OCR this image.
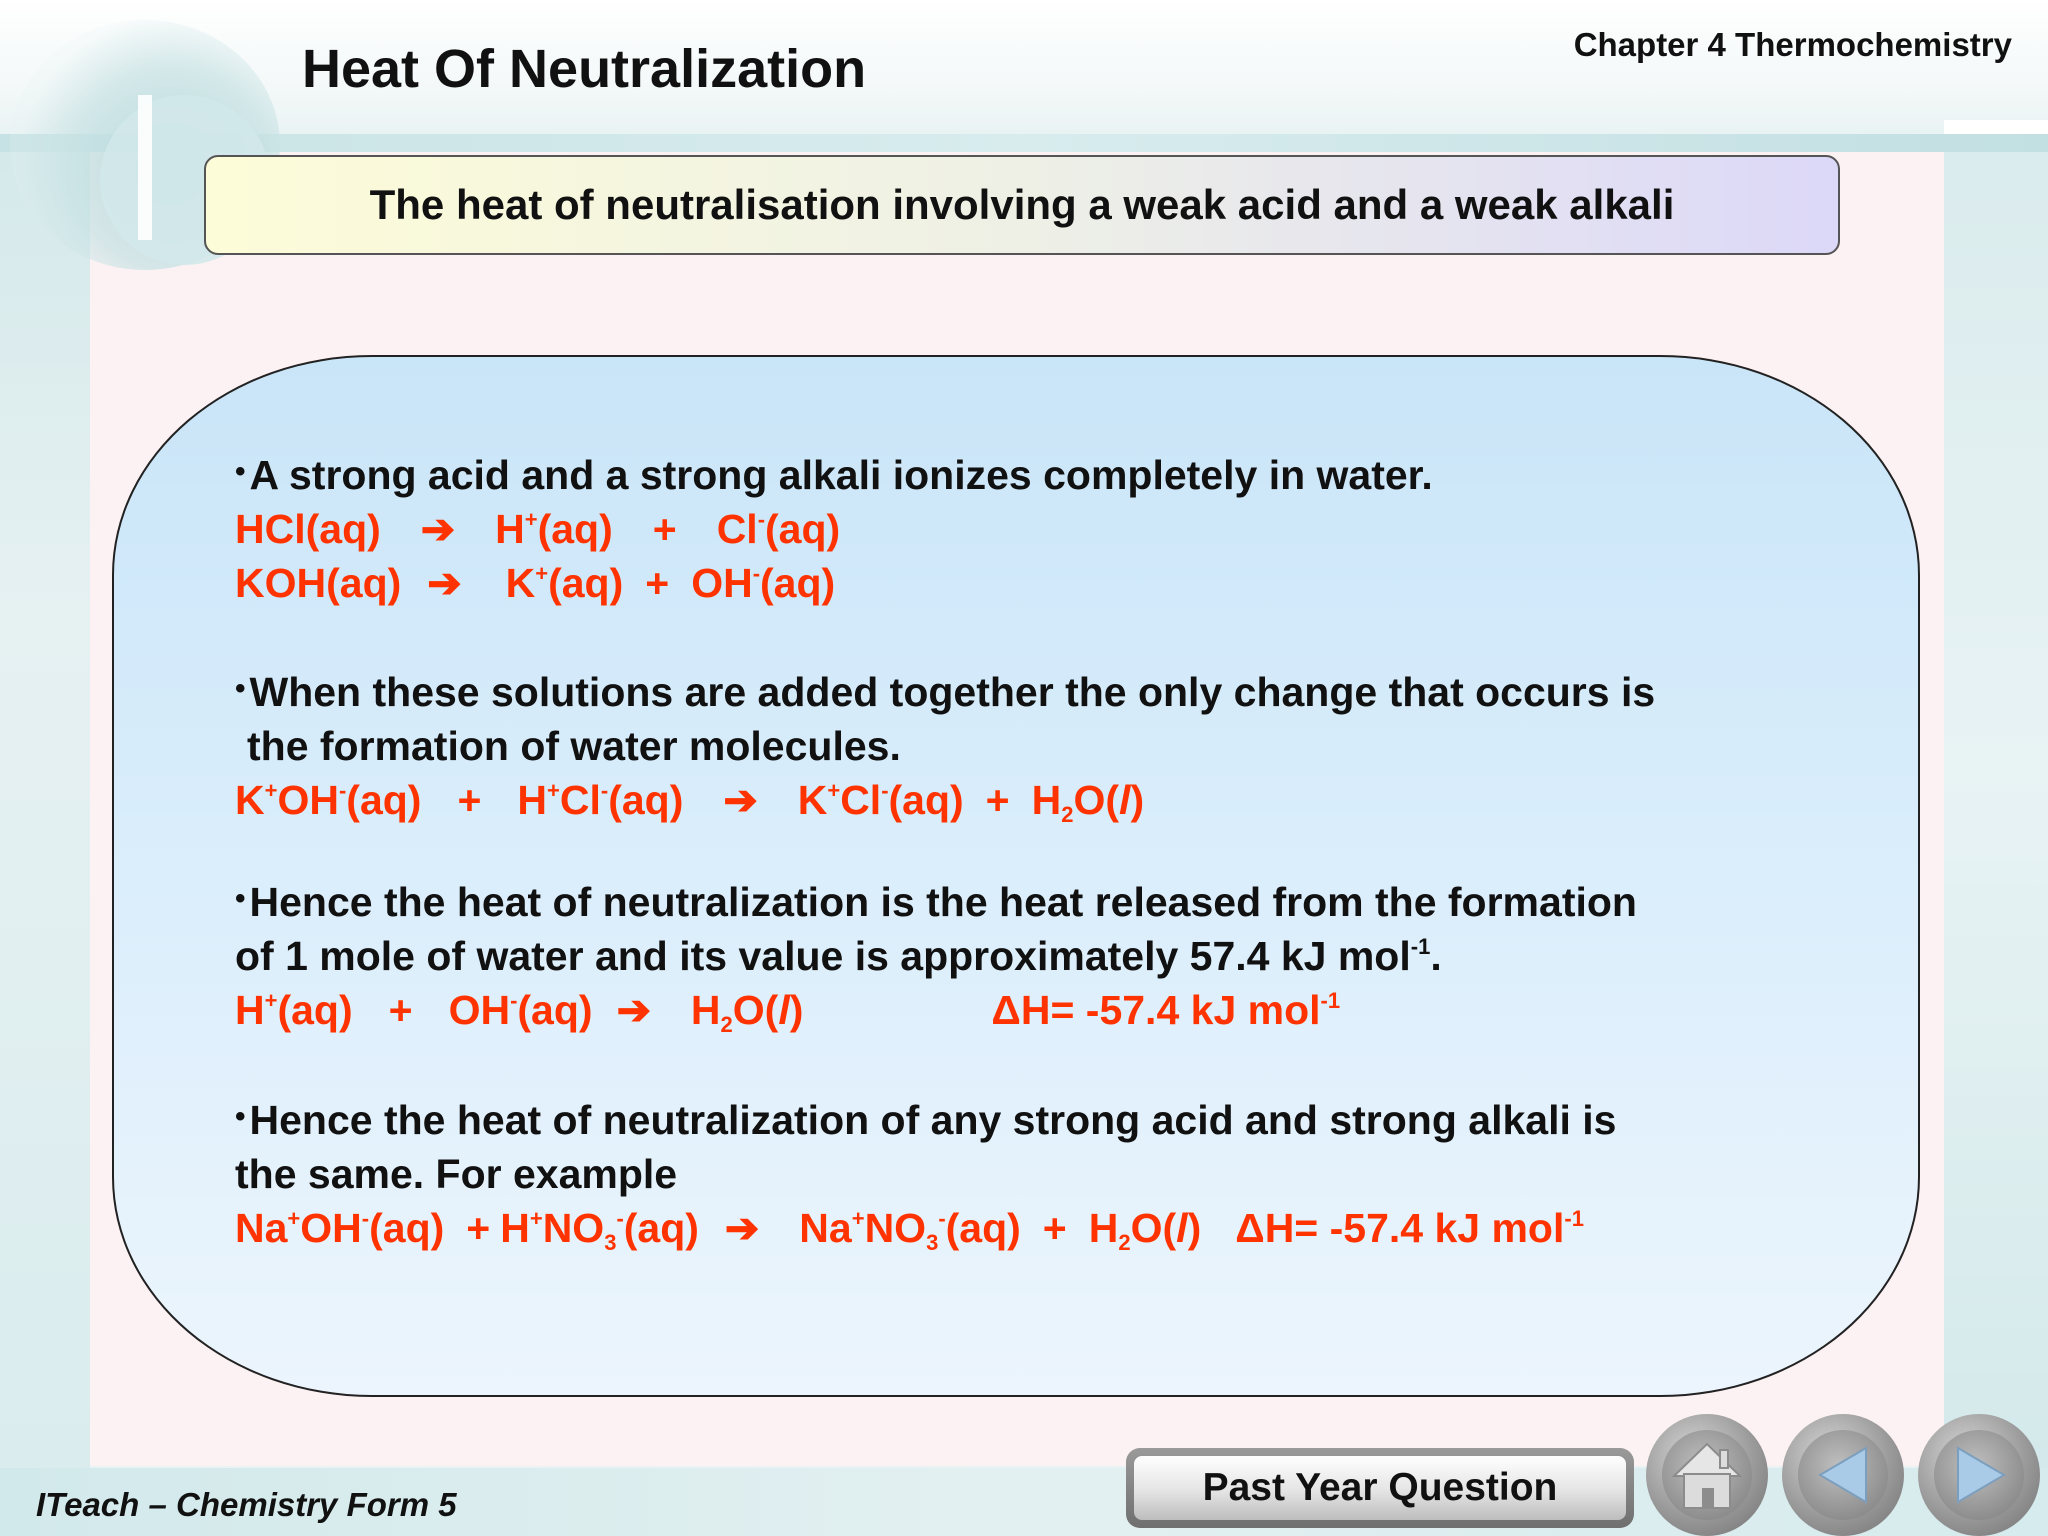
Heat Of Neutralization	Chapter 4 Thermochemistry
The heat of neutralisation involving a weak acid and a weak alkali
•A strong acid and a strong alkali ionizes completely in water.
HCl(aq) ➔ H+(aq) + Cl-(aq)
KOH(aq) ➔ K+(aq) + OH-(aq)
•When these solutions are added together the only change that occurs is
the formation of water molecules.
K+OH-(aq) + H+Cl-(aq) ➔ $K^+Cl^-(aq) + H_2O(l)$
•Hence the heat of neutralization is the heat released from the formation
of 1 mole of water and its value is approximately 57.4 kJ mol$^{-1}$.
H+(aq) + OH-(aq) ➔ $H_2O(l)$	ΔH= -57.4 kJ mol$^{-1}$
•Hence the heat of neutralization of any strong acid and strong alkali is
the same. For example
$Na^+OH^-(aq) + H^+NO_3^-(aq)$ ➔ $Na^+NO_3^-(aq) + H_2O(l)$ ΔH= -57.4 kJ mol$^{-1}$
ITeach – Chemistry Form 5	Past Year Question
